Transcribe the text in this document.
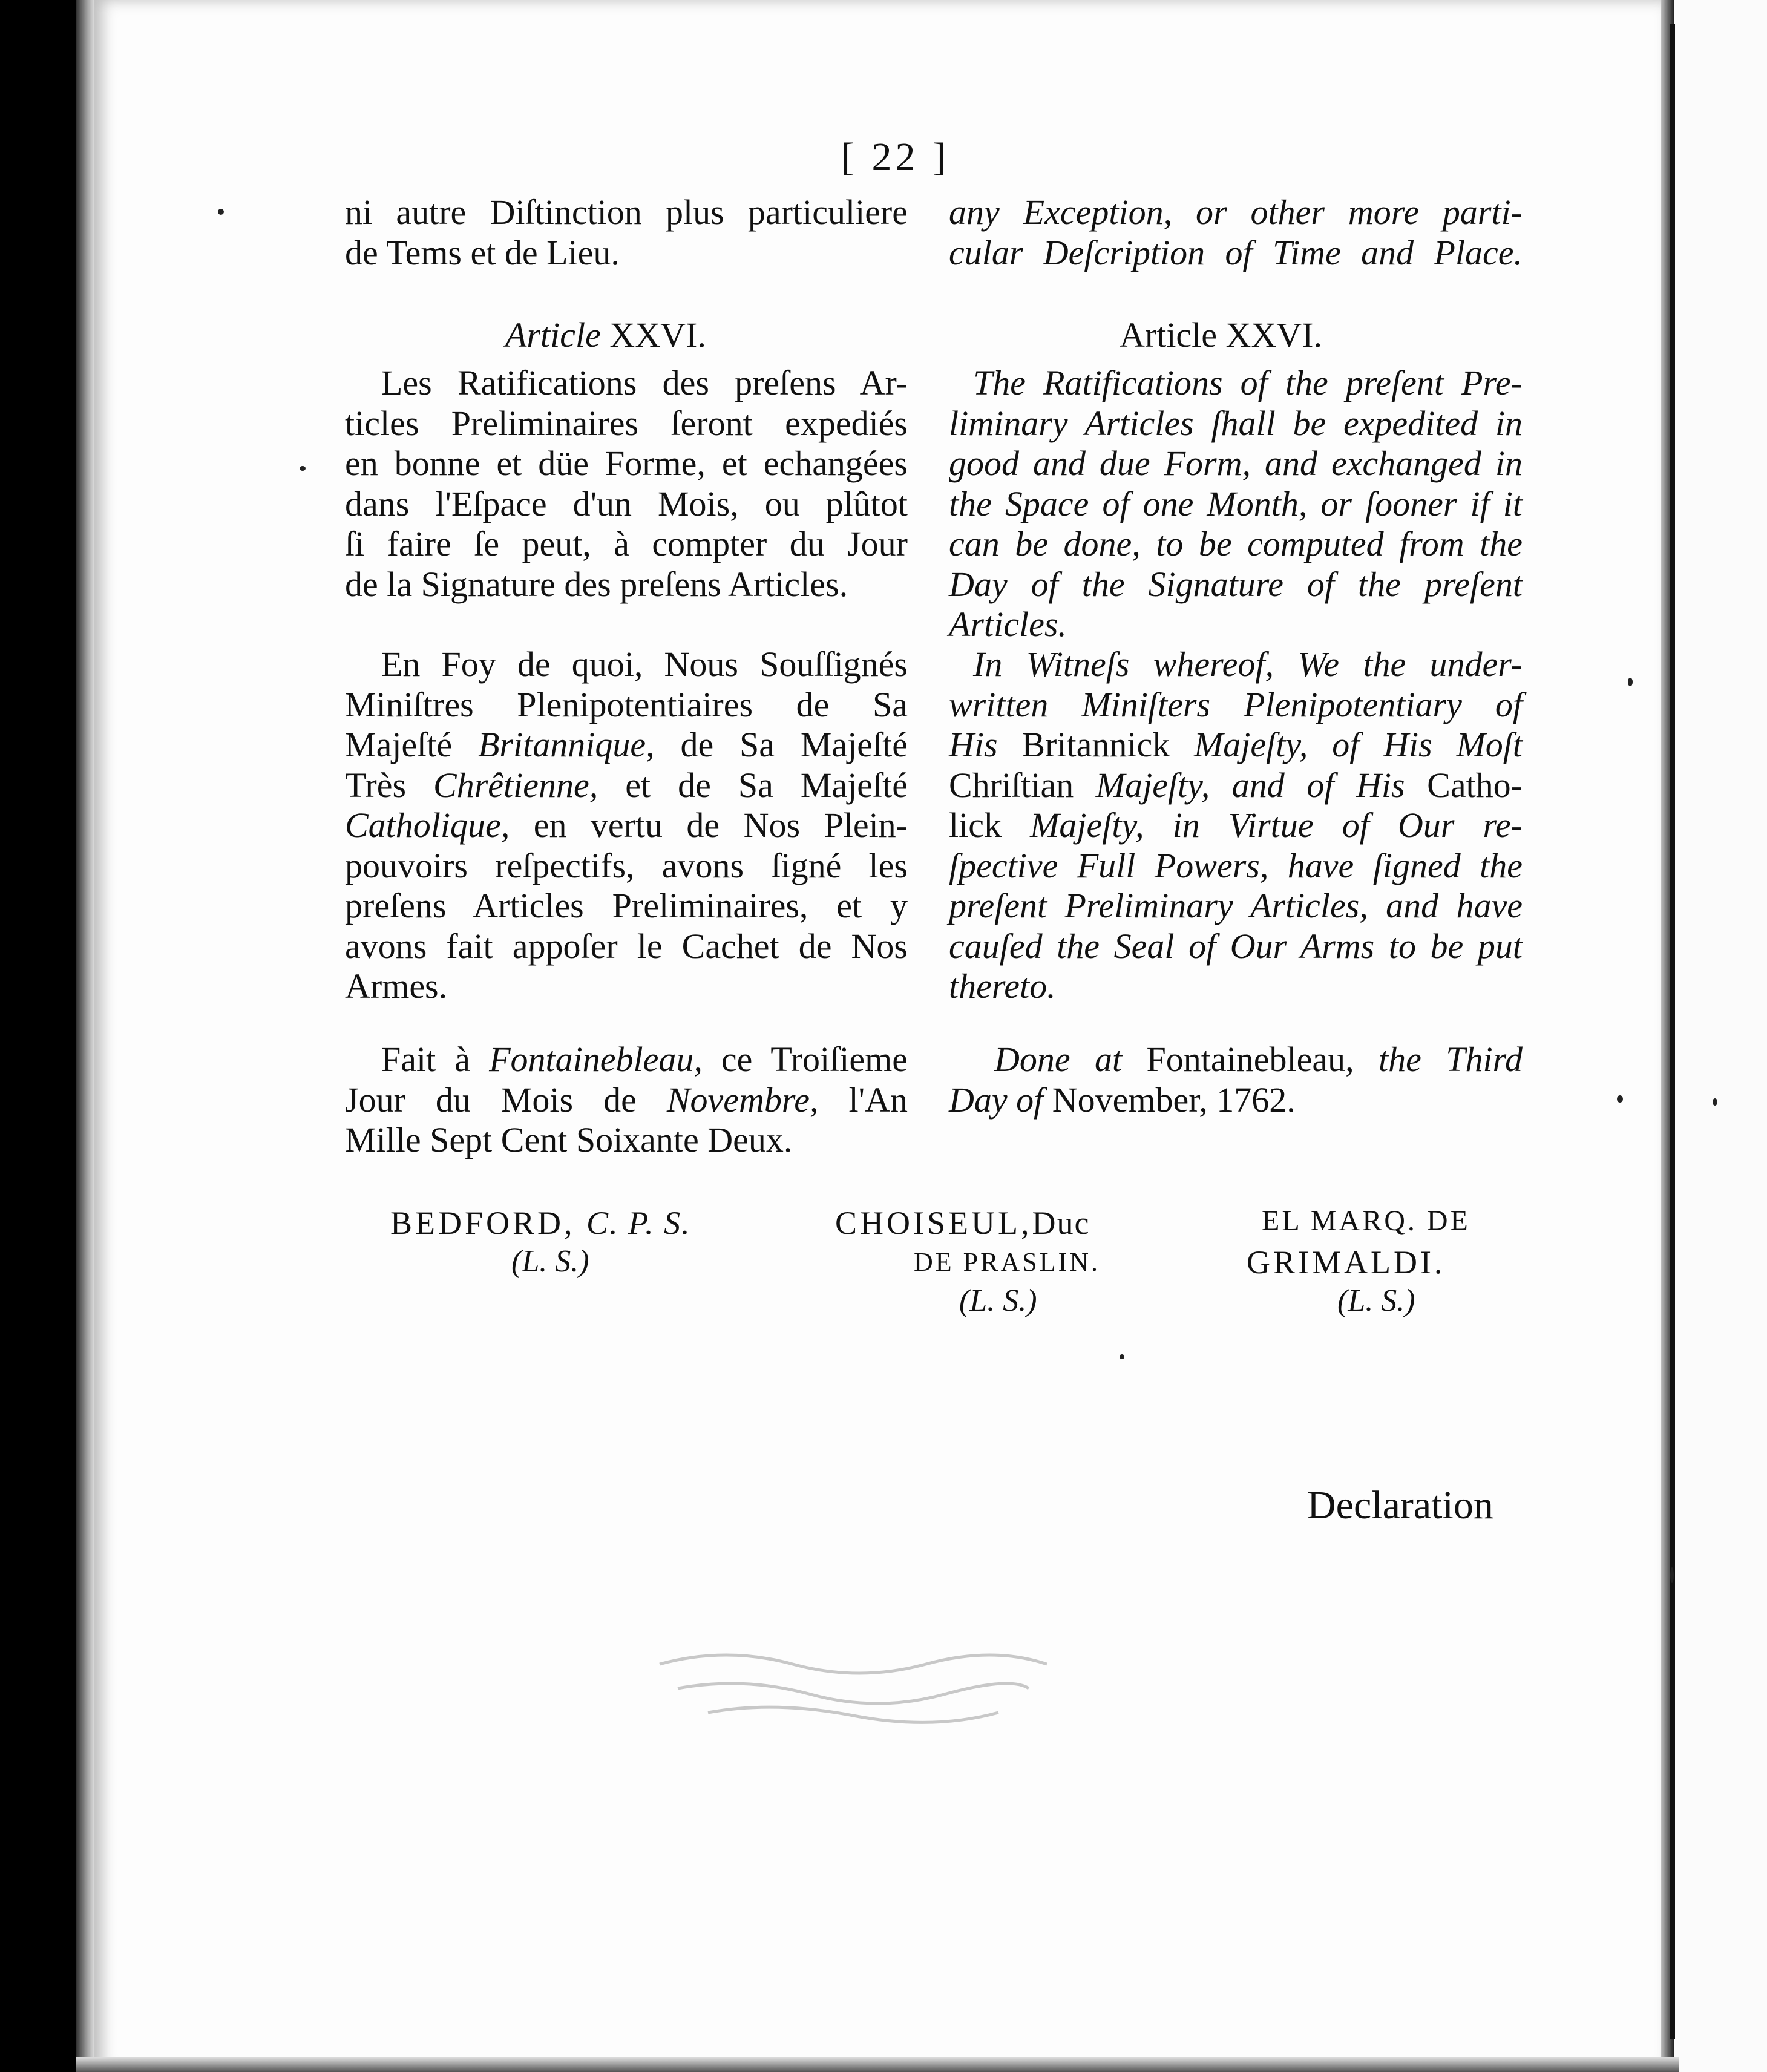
[ 22 ]
ni autre Diſtinction plus particuliere
de Tems et de Lieu.
Article XXVI.
Les Ratifications des preſens Ar-
ticles Preliminaires ſeront expediés
en bonne et düe Forme, et echangées
dans l'Eſpace d'un Mois, ou plûtot
ſi faire ſe peut, à compter du Jour
de la Signature des preſens Articles.
En Foy de quoi, Nous Souſſignés
Miniſtres Plenipotentiaires de Sa
Majeſté Britannique, de Sa Majeſté
Très Chrêtienne, et de Sa Majeſté
Catholique, en vertu de Nos Plein-
pouvoirs reſpectifs, avons ſigné les
preſens Articles Preliminaires, et y
avons fait appoſer le Cachet de Nos
Armes.
Fait à Fontainebleau, ce Troiſieme
Jour du Mois de Novembre, l'An
Mille Sept Cent Soixante Deux.
any Exception, or other more parti-
cular Deſcription of Time and Place.
Article XXVI.
The Ratifications of the preſent Pre-
liminary Articles ſhall be expedited in
good and due Form, and exchanged in
the Space of one Month, or ſooner if it
can be done, to be computed from the
Day of the Signature of the preſent
Articles.
In Witneſs whereof, We the under-
written Miniſters Plenipotentiary of
His Britannick Majeſty, of His Moſt
Chriſtian Majeſty, and of His Catho-
lick Majeſty, in Virtue of Our re-
ſpective Full Powers, have ſigned the
preſent Preliminary Articles, and have
cauſed the Seal of Our Arms to be put
thereto.
Done at Fontainebleau, the Third
Day of November, 1762.
BEDFORD, C. P. S.
(L. S.)
CHOISEUL,Duc
DE PRASLIN.
(L. S.)
EL MARQ. DE
GRIMALDI.
(L. S.)
Declaration
